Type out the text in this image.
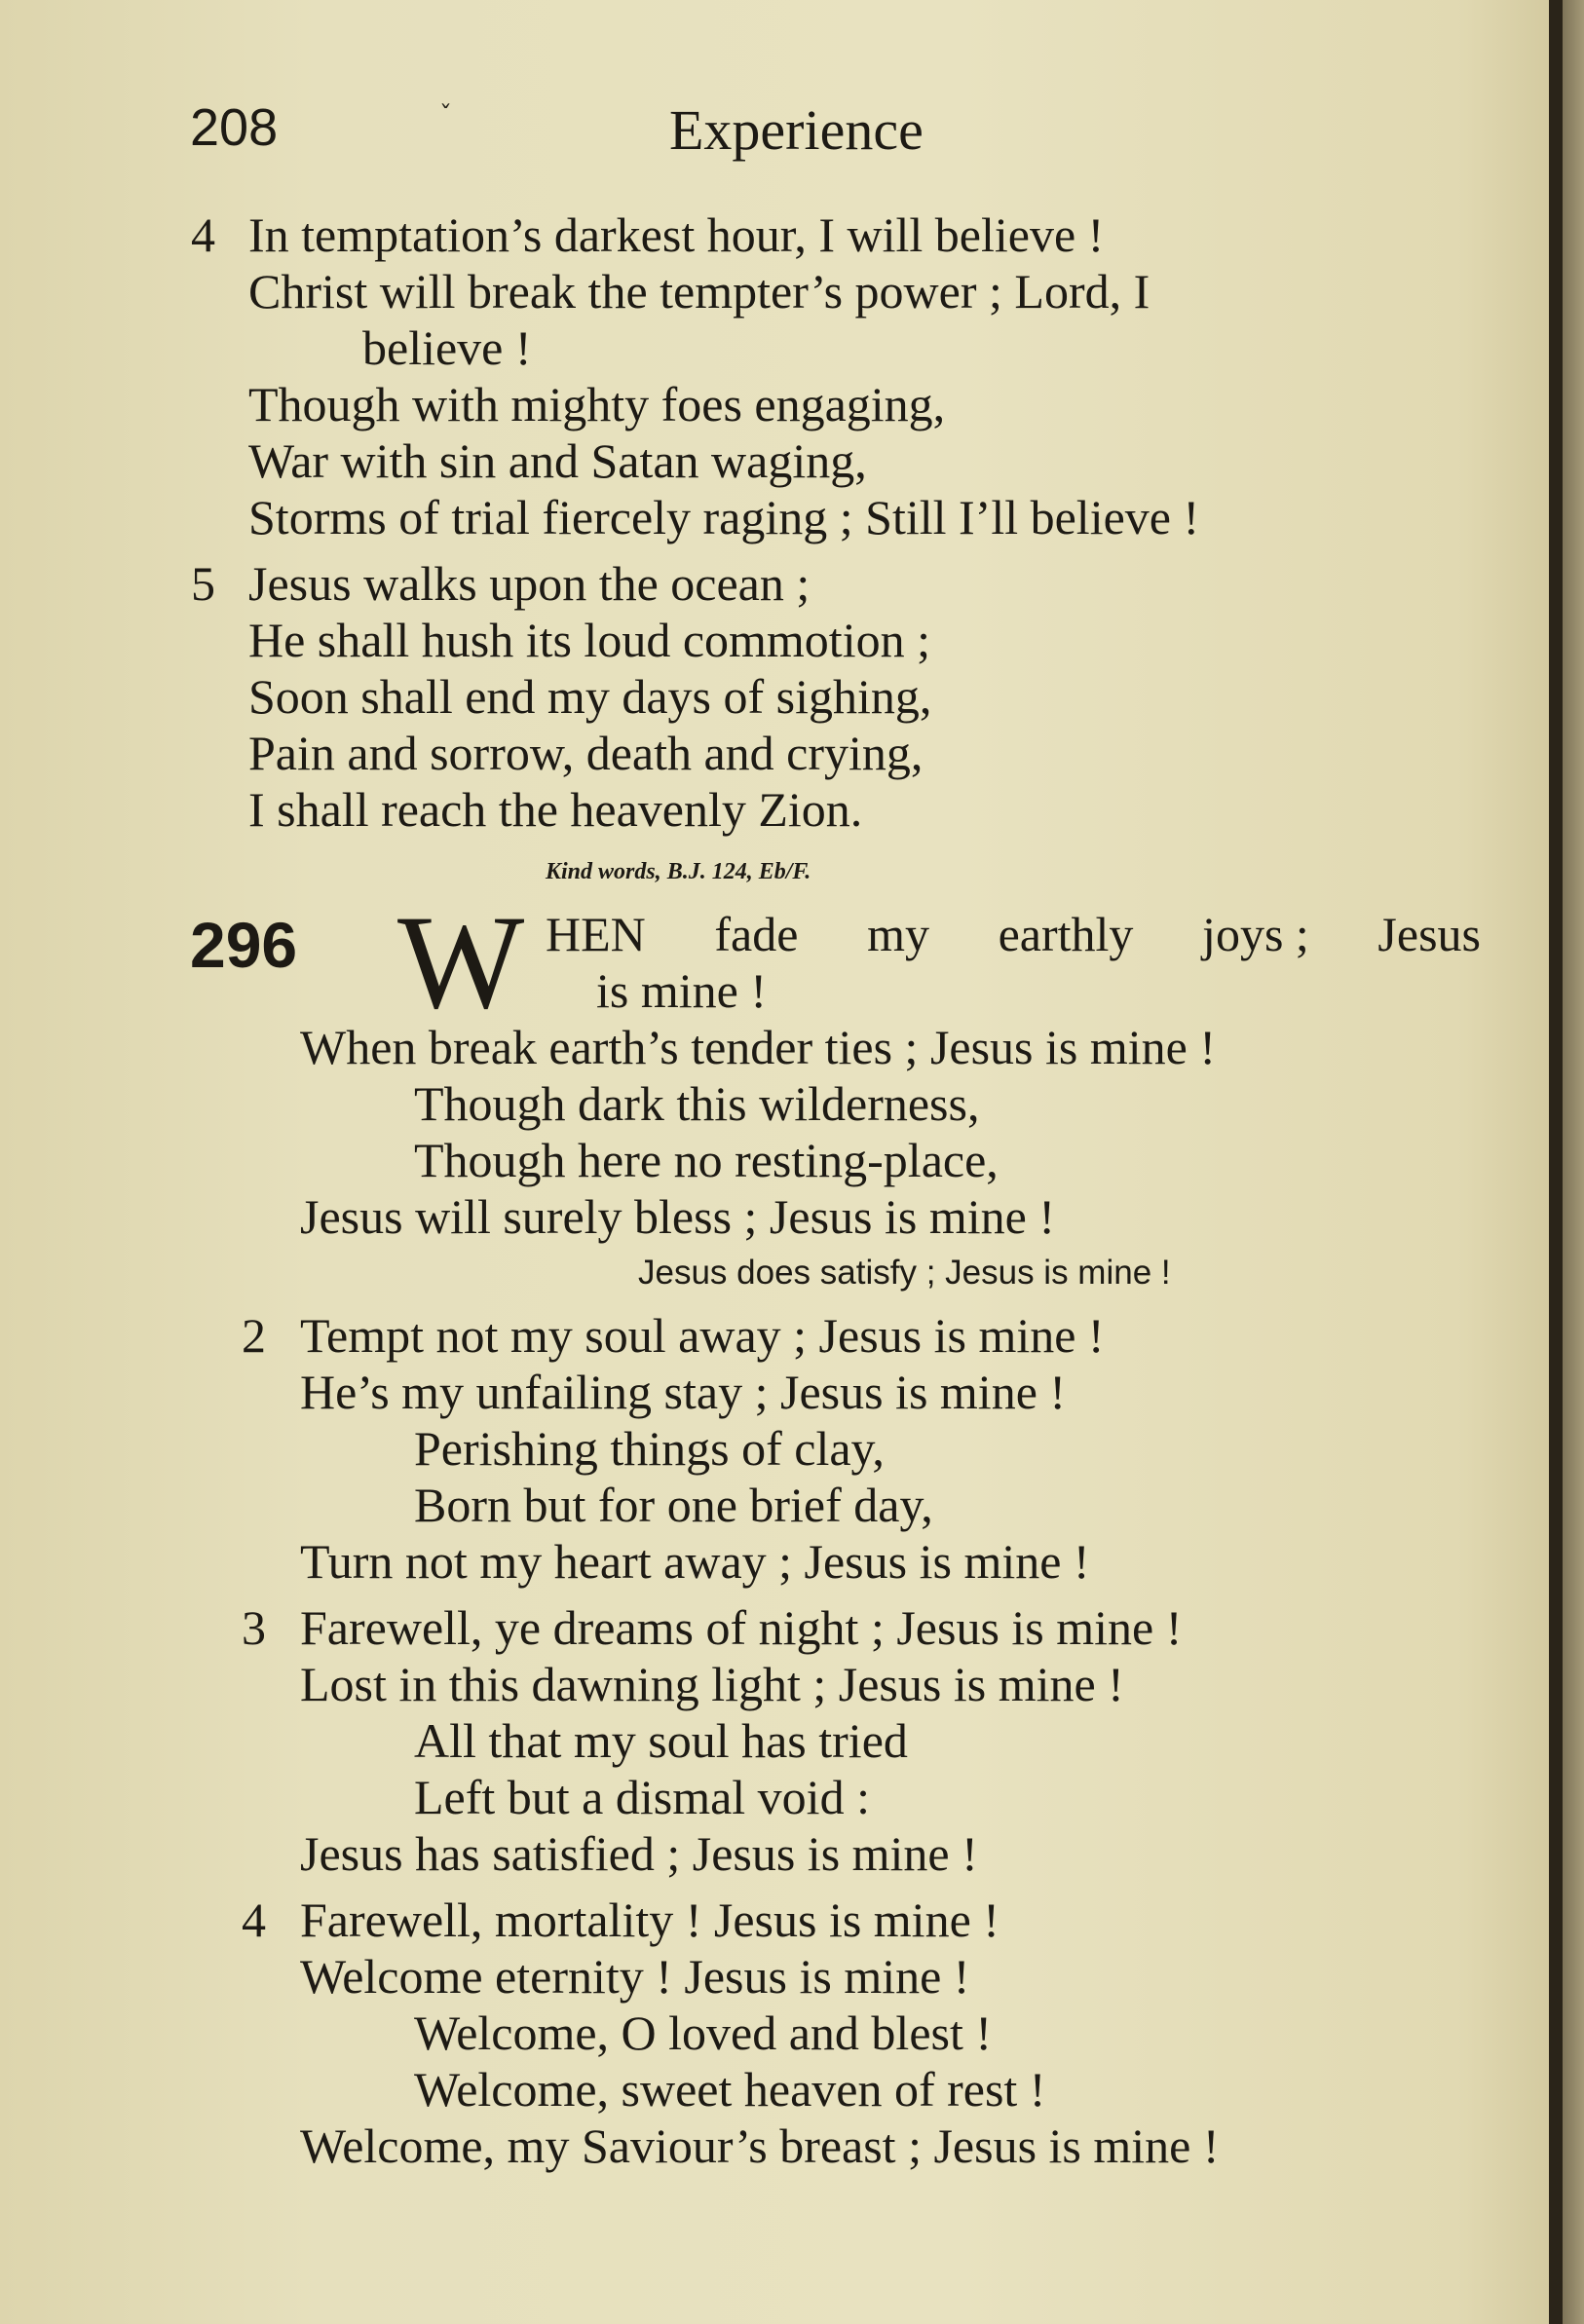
208	ˇ	Experience
4 In temptation’s darkest hour, I will believe !
Christ will break the tempter’s power ; Lord, I
believe !
Though with mighty foes engaging,
War with sin and Satan waging,
Storms of trial fiercely raging ; Still I’ll believe !
5 Jesus walks upon the ocean ;
He shall hush its loud commotion ;
Soon shall end my days of sighing,
Pain and sorrow, death and crying,
I shall reach the heavenly Zion.
Kind words, B.J. 124, Eb/F.
296 W HEN fade my earthly joys ; Jesus
is mine !
When break earth’s tender ties ; Jesus is mine !
Though dark this wilderness,
Though here no resting-place,
Jesus will surely bless ; Jesus is mine !
Jesus does satisfy ; Jesus is mine !
2 Tempt not my soul away ; Jesus is mine !
He’s my unfailing stay ; Jesus is mine !
Perishing things of clay,
Born but for one brief day,
Turn not my heart away ; Jesus is mine !
3 Farewell, ye dreams of night ; Jesus is mine !
Lost in this dawning light ; Jesus is mine !
All that my soul has tried
Left but a dismal void :
Jesus has satisfied ; Jesus is mine !
4 Farewell, mortality ! Jesus is mine !
Welcome eternity ! Jesus is mine !
Welcome, O loved and blest !
Welcome, sweet heaven of rest !
Welcome, my Saviour’s breast ; Jesus is mine !
